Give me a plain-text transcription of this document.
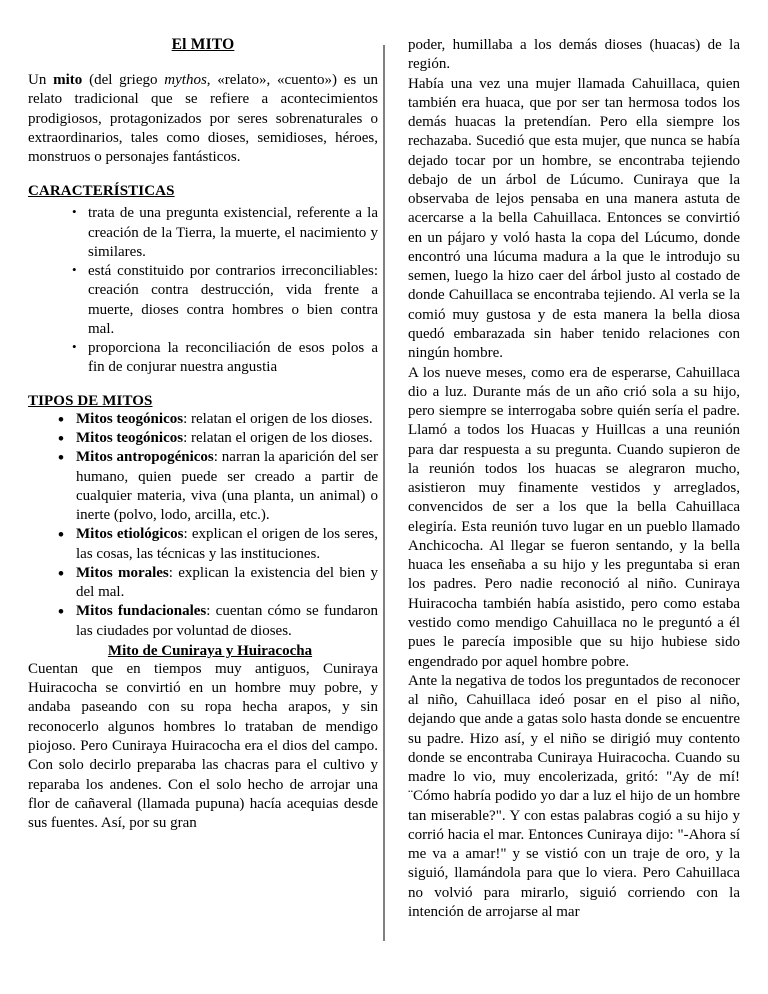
El MITO

Un mito (del griego mythos, «relato», «cuento») es un relato tradicional que se refiere a acontecimientos prodigiosos, protagonizados por seres sobrenaturales o extraordinarios, tales como dioses, semidioses, héroes, monstruos o personajes fantásticos.

CARACTERÍSTICAS
• trata de una pregunta existencial, referente a la creación de la Tierra, la muerte, el nacimiento y similares.
• está constituido por contrarios irreconciliables: creación contra destrucción, vida frente a muerte, dioses contra hombres o bien contra mal.
• proporciona la reconciliación de esos polos a fin de conjurar nuestra angustia
TIPOS DE MITOS
• Mitos teogónicos: relatan el origen de los dioses.
• Mitos teogónicos: relatan el origen de los dioses.
• Mitos antropogénicos: narran la aparición del ser humano, quien puede ser creado a partir de cualquier materia, viva (una planta, un animal) o inerte (polvo, lodo, arcilla, etc.).
• Mitos etiológicos: explican el origen de los seres, las cosas, las técnicas y las instituciones.
• Mitos morales: explican la existencia del bien y del mal.
• Mitos fundacionales: cuentan cómo se fundaron las ciudades por voluntad de dioses.
Mito de Cuniraya y Huiracocha

Cuentan que en tiempos muy antiguos, Cuniraya Huiracocha se convirtió en un hombre muy pobre, y andaba paseando con su ropa hecha arapos, y sin reconocerlo algunos hombres lo trataban de mendigo piojoso. Pero Cuniraya Huiracocha era el dios del campo. Con solo decirlo preparaba las chacras para el cultivo y reparaba los andenes. Con el solo hecho de arrojar una flor de cañaveral (llamada pupuna) hacía acequias desde sus fuentes. Así, por su gran

poder, humillaba a los demás dioses (huacas) de la región.

Había una vez una mujer llamada Cahuillaca, quien también era huaca, que por ser tan hermosa todos los demás huacas la pretendían. Pero ella siempre los rechazaba. Sucedió que esta mujer, que nunca se había dejado tocar por un hombre, se encontraba tejiendo debajo de un árbol de Lúcumo. Cuniraya que la observaba de lejos pensaba en una manera astuta de acercarse a la bella Cahuillaca. Entonces se convirtió en un pájaro y voló hasta la copa del Lúcumo, donde encontró una lúcuma madura a la que le introdujo su semen, luego la hizo caer del árbol justo al costado de donde Cahuillaca se encontraba tejiendo. Al verla se la comió muy gustosa y de esta manera la bella diosa quedó embarazada sin haber tenido relaciones con ningún hombre.

A los nueve meses, como era de esperarse, Cahuillaca dio a luz. Durante más de un año crió sola a su hijo, pero siempre se interrogaba sobre quién sería el padre. Llamó a todos los Huacas y Huillcas a una reunión para dar respuesta a su pregunta. Cuando supieron de la reunión todos los huacas se alegraron mucho, asistieron muy finamente vestidos y arreglados, convencidos de ser a los que la bella Cahuillaca elegiría. Esta reunión tuvo lugar en un pueblo llamado Anchicocha. Al llegar se fueron sentando, y la bella huaca les enseñaba a su hijo y les preguntaba si eran los padres. Pero nadie reconoció al niño. Cuniraya Huiracocha también había asistido, pero como estaba vestido como mendigo Cahuillaca no le preguntó a él pues le parecía imposible que su hijo hubiese sido engendrado por aquel hombre pobre.

Ante la negativa de todos los preguntados de reconocer al niño, Cahuillaca ideó posar en el piso al niño, dejando que ande a gatas solo hasta donde se encuentre su padre. Hizo así, y el niño se dirigió muy contento donde se encontraba Cuniraya Huiracocha. Cuando su madre lo vio, muy encolerizada, gritó: "Ay de mí! ¨Cómo habría podido yo dar a luz el hijo de un hombre tan miserable?". Y con estas palabras cogió a su hijo y corrió hacia el mar. Entonces Cuniraya dijo: "-Ahora sí me va a amar!" y se vistió con un traje de oro, y la siguió, llamándola para que lo viera. Pero Cahuillaca no volvió para mirarlo, siguió corriendo con la intención de arrojarse al mar
